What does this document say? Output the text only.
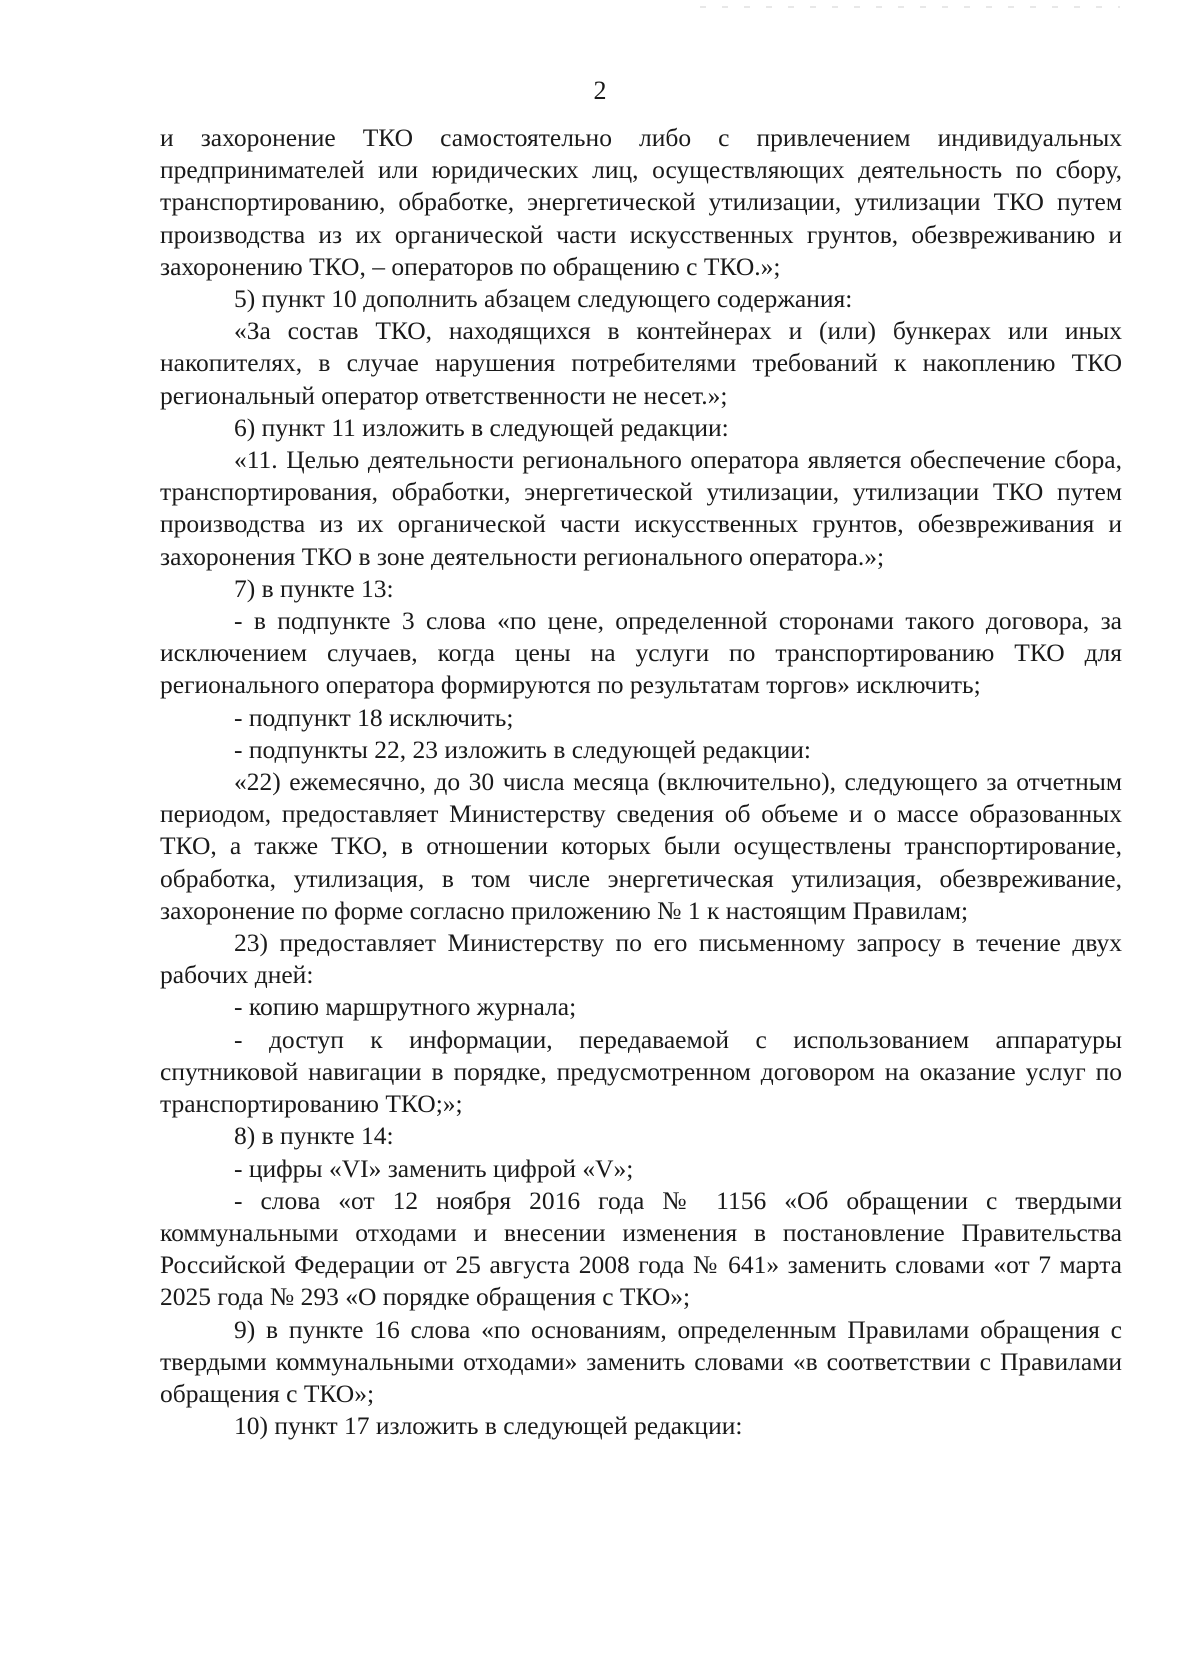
2

и захоронение ТКО самостоятельно либо с привлечением индивидуальных предпринимателей или юридических лиц, осуществляющих деятельность по сбору, транспортированию, обработке, энергетической утилизации, утилизации ТКО путем производства из их органической части искусственных грунтов, обезвреживанию и захоронению ТКО, – операторов по обращению с ТКО.»;

5) пункт 10 дополнить абзацем следующего содержания:

«За состав ТКО, находящихся в контейнерах и (или) бункерах или иных накопителях, в случае нарушения потребителями требований к накоплению ТКО региональный оператор ответственности не несет.»;

6) пункт 11 изложить в следующей редакции:

«11. Целью деятельности регионального оператора является обеспечение сбора, транспортирования, обработки, энергетической утилизации, утилизации ТКО путем производства из их органической части искусственных грунтов, обезвреживания и захоронения ТКО в зоне деятельности регионального оператора.»;

7) в пункте 13:

- в подпункте 3 слова «по цене, определенной сторонами такого договора, за исключением случаев, когда цены на услуги по транспортированию ТКО для регионального оператора формируются по результатам торгов» исключить;

- подпункт 18 исключить;

- подпункты 22, 23 изложить в следующей редакции:

«22) ежемесячно, до 30 числа месяца (включительно), следующего за отчетным периодом, предоставляет Министерству сведения об объеме и о массе образованных ТКО, а также ТКО, в отношении которых были осуществлены транспортирование, обработка, утилизация, в том числе энергетическая утилизация, обезвреживание, захоронение по форме согласно приложению № 1 к настоящим Правилам;

23) предоставляет Министерству по его письменному запросу в течение двух рабочих дней:

- копию маршрутного журнала;

- доступ к информации, передаваемой с использованием аппаратуры спутниковой навигации в порядке, предусмотренном договором на оказание услуг по транспортированию ТКО;»;

8) в пункте 14:

- цифры «VI» заменить цифрой «V»;

- слова «от 12 ноября 2016 года № 1156 «Об обращении с твердыми коммунальными отходами и внесении изменения в постановление Правительства Российской Федерации от 25 августа 2008 года № 641» заменить словами «от 7 марта 2025 года № 293 «О порядке обращения с ТКО»;

9) в пункте 16 слова «по основаниям, определенным Правилами обращения с твердыми коммунальными отходами» заменить словами «в соответствии с Правилами обращения с ТКО»;

10) пункт 17 изложить в следующей редакции:
